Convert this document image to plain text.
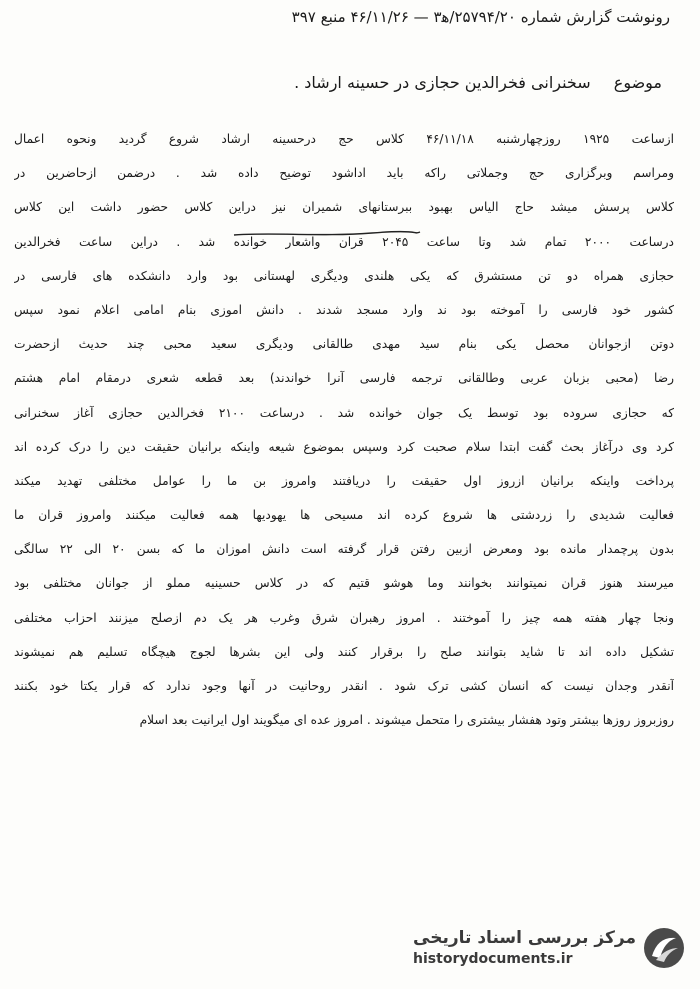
رونوشت گزارش شماره ۲۵۷۹۴/۲۰/ه‍۳ — ۴۶/۱۱/۲۶ منبع ۳۹۷
موضوع سخنرانی فخرالدین حجازی در حسینه ارشاد .
ازساعت ۱۹۲۵ روزچهارشنبه ۴۶/۱۱/۱۸ کلاس حج درحسینه ارشاد شروع گردید ونحوه اعمال
ومراسم وبرگزاری حج وجملاتی راکه باید اداشود توضیح داده شد . درضمن ازحاضرین در
کلاس پرسش میشد حاج الیاس بهبود ببرستانهای شمیران نیز دراین کلاس حضور داشت این کلاس
درساعت ۲۰۰۰ تمام شد وتا ساعت ۲۰۴۵ قران واشعار خوانده شد . دراین ساعت فخرالدین
حجازی همراه دو تن مستشرق که یکی هلندی ودیگری لهستانی بود وارد دانشکده های فارسی در
کشور خود فارسی را آموخته بود ند وارد مسجد شدند . دانش اموزی بنام امامی اعلام نمود سپس
دوتن ازجوانان محصل یکی بنام سید مهدی طالقانی ودیگری سعید محبی چند حدیث ازحضرت
رضا (محبی بزبان عربی وطالقانی ترجمه فارسی آنرا خواندند) بعد قطعه شعری درمقام امام هشتم
که حجازی سروده بود توسط یک جوان خوانده شد . درساعت ۲۱۰۰ فخرالدین حجازی آغاز سخنرانی
کرد وی درآغاز بحث گفت ابتدا سلام صحبت کرد وسپس بموضوع شیعه واینکه برانیان حقیقت دین را درک کرده اند
پرداخت واینکه برانیان ازروز اول حقیقت را دریافتند وامروز بن ما را عوامل مختلفی تهدید میکند
فعالیت شدیدی را زردشتی ها شروع کرده اند مسیحی ها یهودیها همه فعالیت میکنند وامروز قران ما
بدون پرچمدار مانده بود ومعرض ازبین رفتن قرار گرفته است دانش اموزان ما که بسن ۲۰ الی ۲۲ سالگی
میرسند هنوز قران نمیتوانند بخوانند وما هوشو قتیم که در کلاس حسینیه مملو از جوانان مختلفی بود
ونجا چهار هفته همه چیز را آموختند . امروز رهبران شرق وغرب هر یک دم ازصلح میزنند احزاب مختلفی
تشکیل داده اند تا شاید بتوانند صلح را برقرار کنند ولی این بشرها لجوج هیچگاه تسلیم هم نمیشوند
آنقدر وجدان نیست که انسان کشی ترک شود . انقدر روحانیت در آنها وجود ندارد که قرار یکتا خود بکنند
روزبروز روزها بیشتر وتود هفشار بیشتری را متحمل میشوند . امروز عده ای میگویند اول ایرانیت بعد اسلام
مرکز بررسی اسناد تاریخی
historydocuments.ir
